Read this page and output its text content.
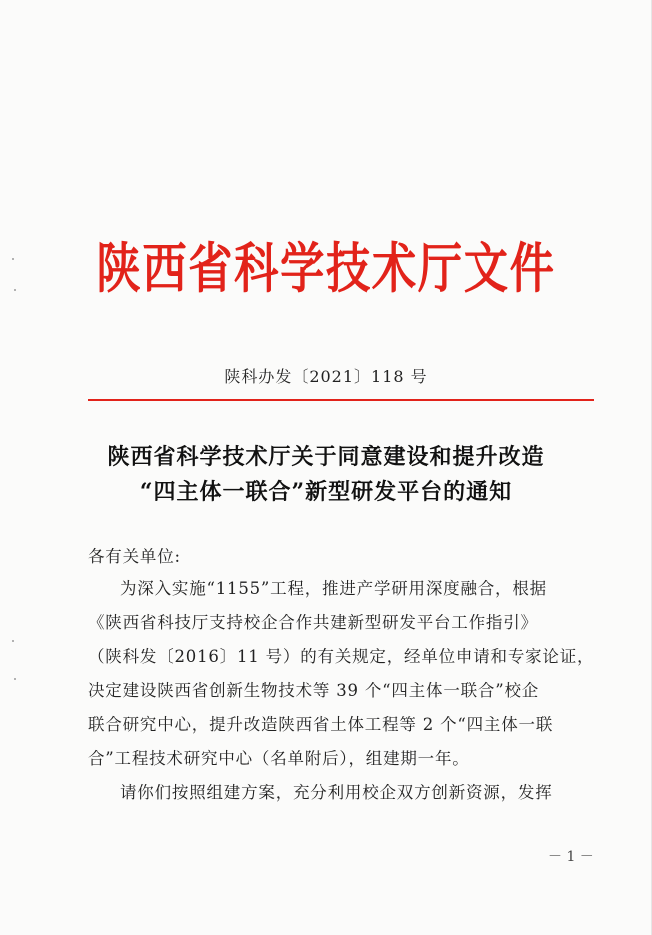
陕西省科学技术厅文件
陕科办发〔2021〕118 号
陕西省科学技术厅关于同意建设和提升改造
“四主体一联合”新型研发平台的通知
各有关单位:
为深入实施“1155”工程，推进产学研用深度融合，根据
《陕西省科技厅支持校企合作共建新型研发平台工作指引》
（陕科发〔2016〕11 号）的有关规定，经单位申请和专家论证，
决定建设陕西省创新生物技术等 39 个“四主体一联合”校企
联合研究中心，提升改造陕西省土体工程等 2 个“四主体一联
合”工程技术研究中心（名单附后），组建期一年。
请你们按照组建方案，充分利用校企双方创新资源，发挥
－ 1 －
